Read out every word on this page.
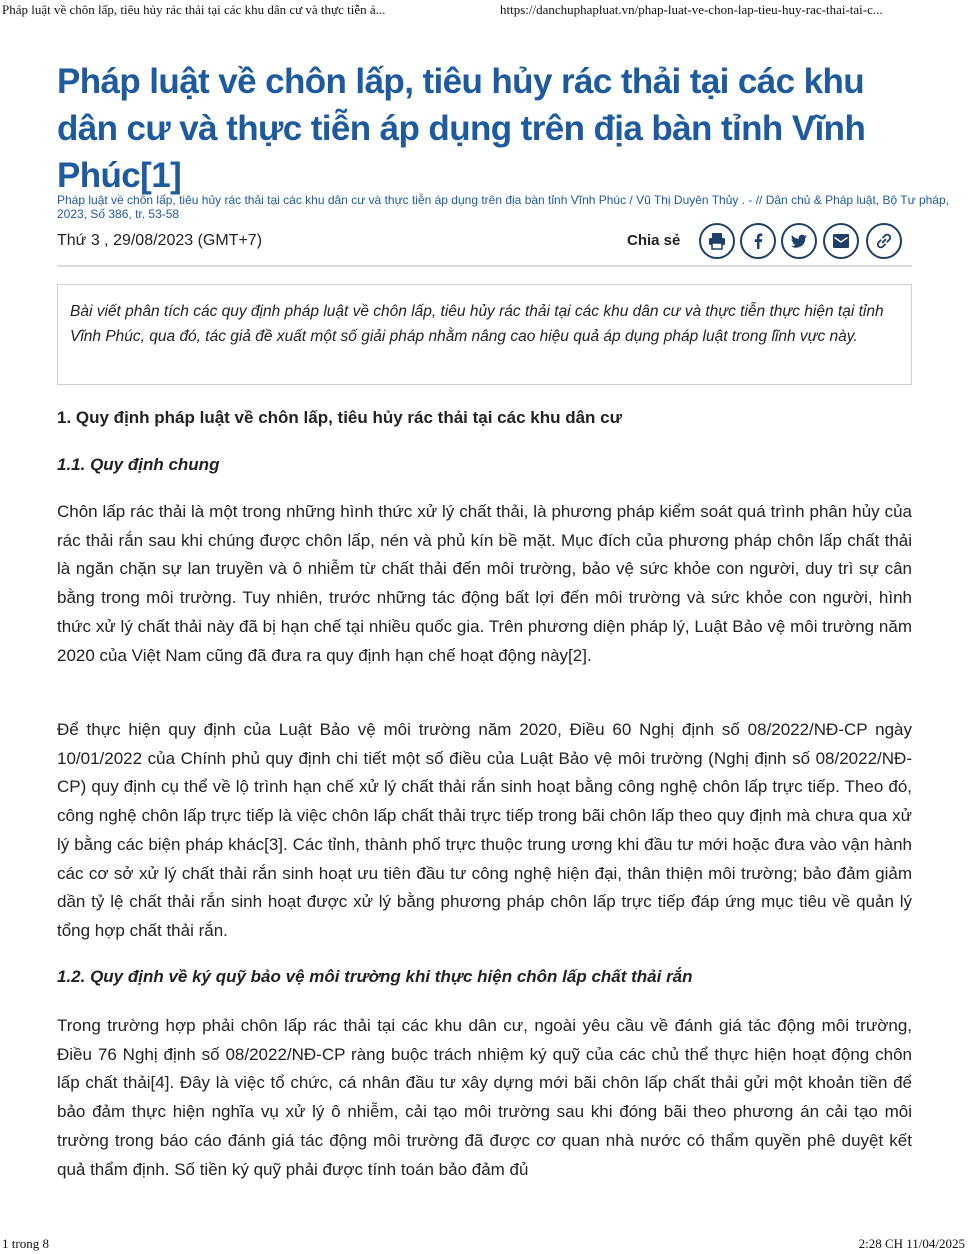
Pháp luật về chôn lấp, tiêu hủy rác thải tại các khu dân cư và thực tiễn á...	https://danchuphapluat.vn/phap-luat-ve-chon-lap-tieu-huy-rac-thai-tai-c...
Pháp luật về chôn lấp, tiêu hủy rác thải tại các khu dân cư và thực tiễn áp dụng trên địa bàn tỉnh Vĩnh Phúc[1]

Pháp luật về chôn lấp, tiêu hủy rác thải tại các khu dân cư và thực tiễn áp dụng trên địa bàn tỉnh Vĩnh Phúc / Vũ Thị Duyên Thủy . - // Dân chủ & Pháp luật, Bộ Tư pháp, 2023, Số 386, tr. 53-58

Thứ 3 , 29/08/2023 (GMT+7)	Chia sẻ

Bài viết phân tích các quy định pháp luật về chôn lấp, tiêu hủy rác thải tại các khu dân cư và thực tiễn thực hiện tại tỉnh Vĩnh Phúc, qua đó, tác giả đề xuất một số giải pháp nhằm nâng cao hiệu quả áp dụng pháp luật trong lĩnh vực này.

1. Quy định pháp luật về chôn lấp, tiêu hủy rác thải tại các khu dân cư

1.1. Quy định chung

Chôn lấp rác thải là một trong những hình thức xử lý chất thải, là phương pháp kiểm soát quá trình phân hủy của rác thải rắn sau khi chúng được chôn lấp, nén và phủ kín bề mặt. Mục đích của phương pháp chôn lấp chất thải là ngăn chặn sự lan truyền và ô nhiễm từ chất thải đến môi trường, bảo vệ sức khỏe con người, duy trì sự cân bằng trong môi trường. Tuy nhiên, trước những tác động bất lợi đến môi trường và sức khỏe con người, hình thức xử lý chất thải này đã bị hạn chế tại nhiều quốc gia. Trên phương diện pháp lý, Luật Bảo vệ môi trường năm 2020 của Việt Nam cũng đã đưa ra quy định hạn chế hoạt động này[2].

Để thực hiện quy định của Luật Bảo vệ môi trường năm 2020, Điều 60 Nghị định số 08/2022/NĐ-CP ngày 10/01/2022 của Chính phủ quy định chi tiết một số điều của Luật Bảo vệ môi trường (Nghị định số 08/2022/NĐ-CP) quy định cụ thể về lộ trình hạn chế xử lý chất thải rắn sinh hoạt bằng công nghệ chôn lấp trực tiếp. Theo đó, công nghệ chôn lấp trực tiếp là việc chôn lấp chất thải trực tiếp trong bãi chôn lấp theo quy định mà chưa qua xử lý bằng các biện pháp khác[3]. Các tỉnh, thành phố trực thuộc trung ương khi đầu tư mới hoặc đưa vào vận hành các cơ sở xử lý chất thải rắn sinh hoạt ưu tiên đầu tư công nghệ hiện đại, thân thiện môi trường; bảo đảm giảm dần tỷ lệ chất thải rắn sinh hoạt được xử lý bằng phương pháp chôn lấp trực tiếp đáp ứng mục tiêu về quản lý tổng hợp chất thải rắn.

1.2. Quy định về ký quỹ bảo vệ môi trường khi thực hiện chôn lấp chất thải rắn

Trong trường hợp phải chôn lấp rác thải tại các khu dân cư, ngoài yêu cầu về đánh giá tác động môi trường, Điều 76 Nghị định số 08/2022/NĐ-CP ràng buộc trách nhiệm ký quỹ của các chủ thể thực hiện hoạt động chôn lấp chất thải[4]. Đây là việc tổ chức, cá nhân đầu tư xây dựng mới bãi chôn lấp chất thải gửi một khoản tiền để bảo đảm thực hiện nghĩa vụ xử lý ô nhiễm, cải tạo môi trường sau khi đóng bãi theo phương án cải tạo môi trường trong báo cáo đánh giá tác động môi trường đã được cơ quan nhà nước có thẩm quyền phê duyệt kết quả thẩm định. Số tiền ký quỹ phải được tính toán bảo đảm đủ

1 trong 8	2:28 CH 11/04/2025
